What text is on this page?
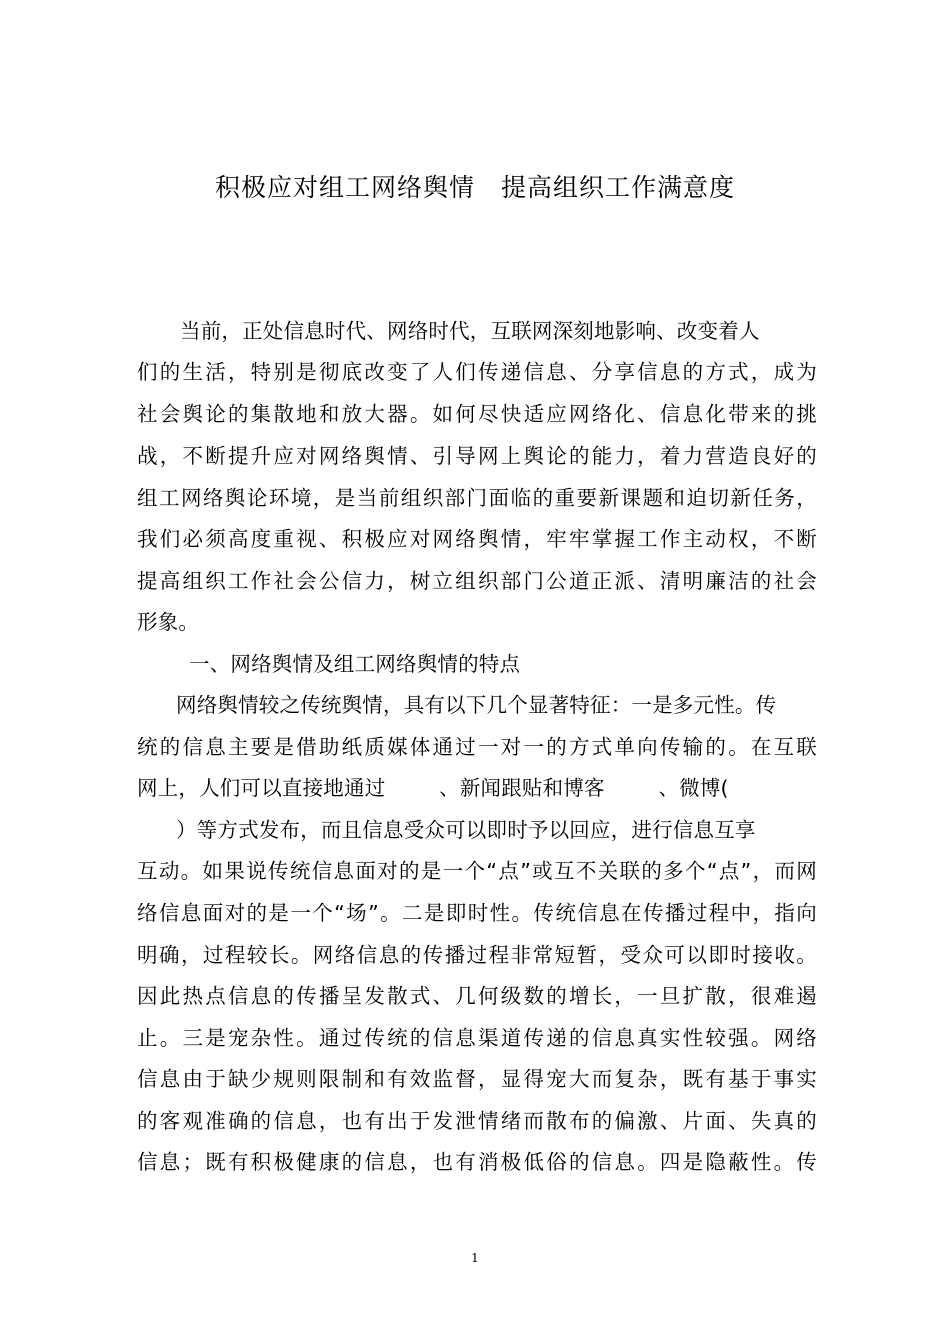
积极应对组工网络舆情　提高组织工作满意度
当前，正处信息时代、网络时代，互联网深刻地影响、改变着人
们的生活，特别是彻底改变了人们传递信息、分享信息的方式，成为
社会舆论的集散地和放大器。如何尽快适应网络化、信息化带来的挑
战，不断提升应对网络舆情、引导网上舆论的能力，着力营造良好的
组工网络舆论环境，是当前组织部门面临的重要新课题和迫切新任务，
我们必须高度重视、积极应对网络舆情，牢牢掌握工作主动权，不断
提高组织工作社会公信力，树立组织部门公道正派、清明廉洁的社会
形象。
一、网络舆情及组工网络舆情的特点
网络舆情较之传统舆情，具有以下几个显著特征：一是多元性。传
统的信息主要是借助纸质媒体通过一对一的方式单向传输的。在互联
网上，人们可以直接地通过        、新闻跟贴和博客        、微博(
）等方式发布，而且信息受众可以即时予以回应，进行信息互享
互动。如果说传统信息面对的是一个“点”或互不关联的多个“点”，而网
络信息面对的是一个“场”。二是即时性。传统信息在传播过程中，指向
明确，过程较长。网络信息的传播过程非常短暂，受众可以即时接收。
因此热点信息的传播呈发散式、几何级数的增长，一旦扩散，很难遏
止。三是宠杂性。通过传统的信息渠道传递的信息真实性较强。网络
信息由于缺少规则限制和有效监督，显得宠大而复杂，既有基于事实
的客观准确的信息，也有出于发泄情绪而散布的偏激、片面、失真的
信息；既有积极健康的信息，也有消极低俗的信息。四是隐蔽性。传
1
